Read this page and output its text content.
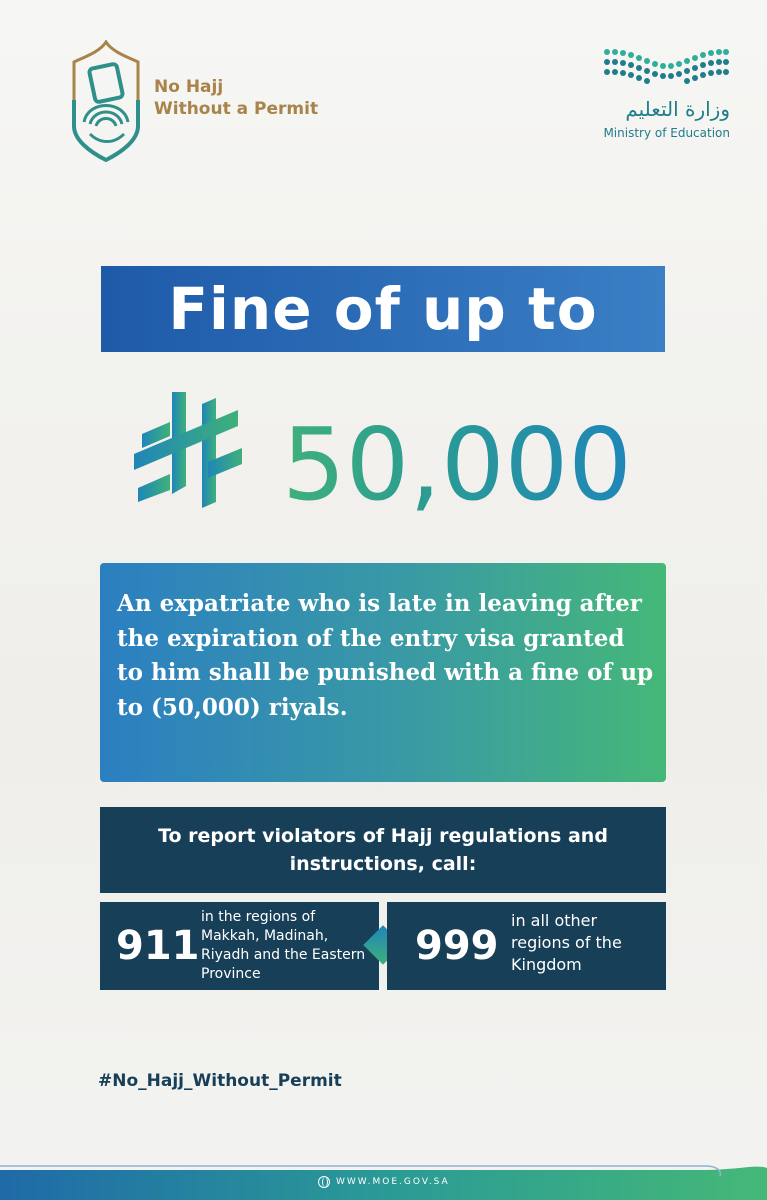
No Hajj
Without a Permit	وزارة التعليم
Ministry of Education
Fine of up to
50,000
An expatriate who is late in leaving after the expiration of the entry visa granted to him shall be punished with a fine of up to (50,000) riyals.
To report violators of Hajj regulations and
instructions, call:
911
in the regions of
Makkah, Madinah,
Riyadh and the Eastern
Province
999
in all other
regions of the
Kingdom
#No_Hajj_Without_Permit
WWW.MOE.GOV.SA
